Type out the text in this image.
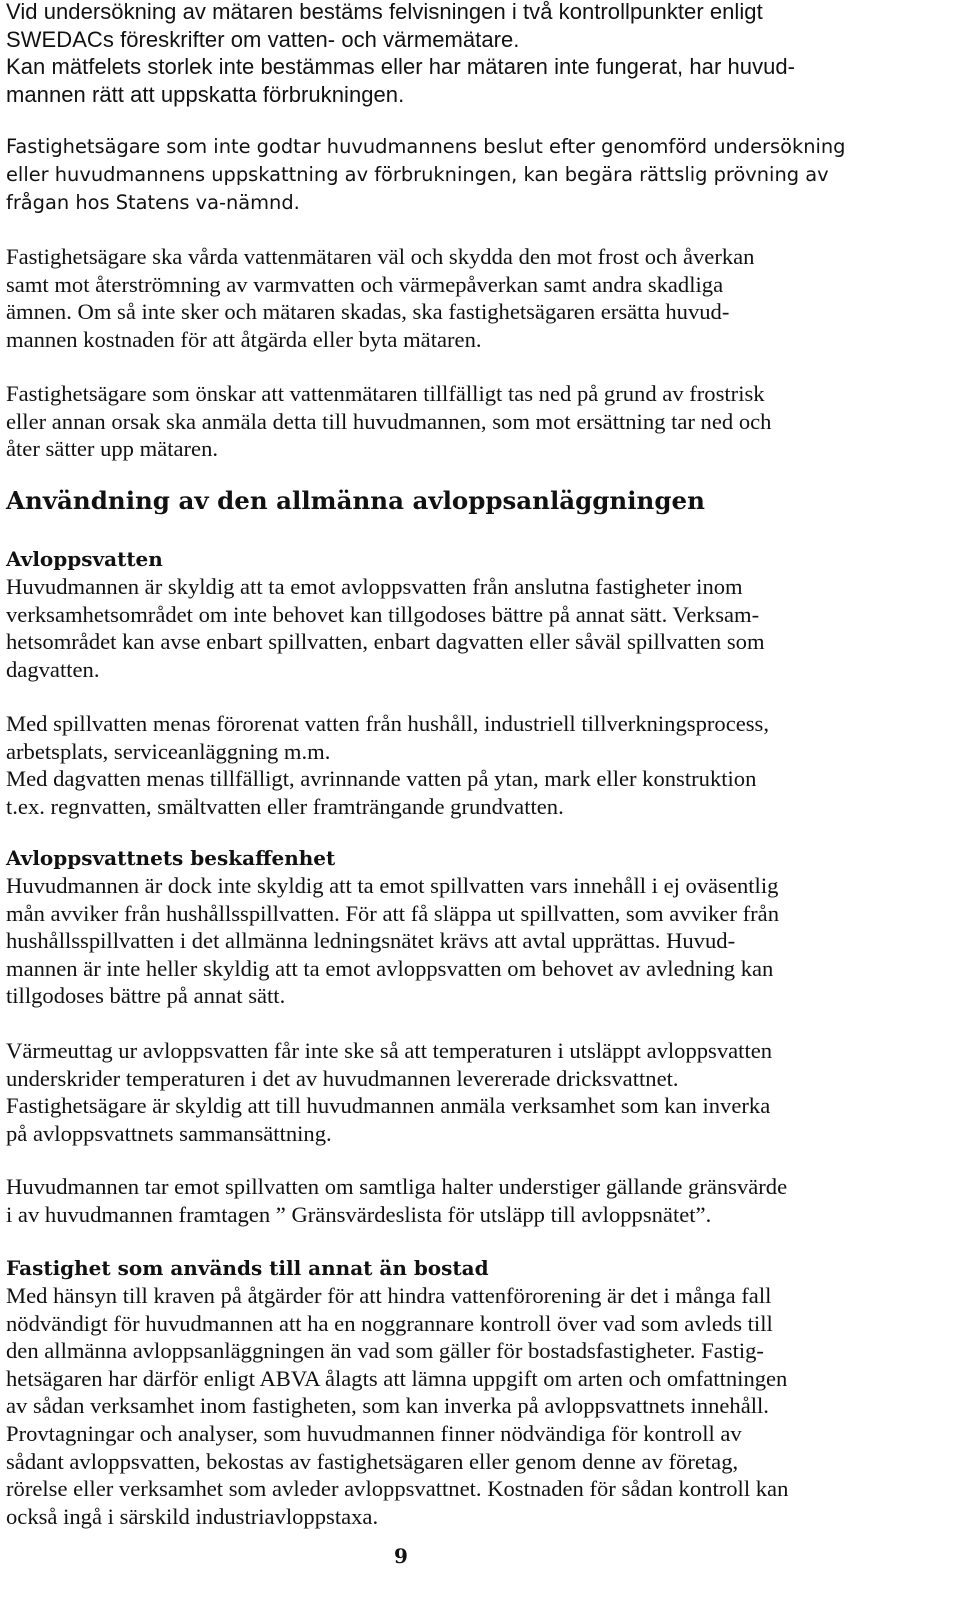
Vid undersökning av mätaren bestäms felvisningen i två kontrollpunkter enligt
SWEDACs föreskrifter om vatten- och värmemätare.
Kan mätfelets storlek inte bestämmas eller har mätaren inte fungerat, har huvud-
mannen rätt att uppskatta förbrukningen.
Fastighetsägare som inte godtar huvudmannens beslut efter genomförd undersökning
eller huvudmannens uppskattning av förbrukningen, kan begära rättslig prövning av
frågan hos Statens va-nämnd.
Fastighetsägare ska vårda vattenmätaren väl och skydda den mot frost och åverkan
samt mot återströmning av varmvatten och värmepåverkan samt andra skadliga
ämnen. Om så inte sker och mätaren skadas, ska fastighetsägaren ersätta huvud-
mannen kostnaden för att åtgärda eller byta mätaren.
Fastighetsägare som önskar att vattenmätaren tillfälligt tas ned på grund av frostrisk
eller annan orsak ska anmäla detta till huvudmannen, som mot ersättning tar ned och
åter sätter upp mätaren.
Användning av den allmänna avloppsanläggningen
Avloppsvatten
Huvudmannen är skyldig att ta emot avloppsvatten från anslutna fastigheter inom
verksamhetsområdet om inte behovet kan tillgodoses bättre på annat sätt. Verksam-
hetsområdet kan avse enbart spillvatten, enbart dagvatten eller såväl spillvatten som
dagvatten.
Med spillvatten menas förorenat vatten från hushåll, industriell tillverkningsprocess,
arbetsplats, serviceanläggning m.m.
Med dagvatten menas tillfälligt, avrinnande vatten på ytan, mark eller konstruktion
t.ex. regnvatten, smältvatten eller framträngande grundvatten.
Avloppsvattnets beskaffenhet
Huvudmannen är dock inte skyldig att ta emot spillvatten vars innehåll i ej oväsentlig
mån avviker från hushållsspillvatten. För att få släppa ut spillvatten, som avviker från
hushållsspillvatten i det allmänna ledningsnätet krävs att avtal upprättas. Huvud-
mannen är inte heller skyldig att ta emot avloppsvatten om behovet av avledning kan
tillgodoses bättre på annat sätt.
Värmeuttag ur avloppsvatten får inte ske så att temperaturen i utsläppt avloppsvatten
underskrider temperaturen i det av huvudmannen levererade dricksvattnet.
Fastighetsägare är skyldig att till huvudmannen anmäla verksamhet som kan inverka
på avloppsvattnets sammansättning.
Huvudmannen tar emot spillvatten om samtliga halter understiger gällande gränsvärde
i av huvudmannen framtagen ” Gränsvärdeslista för utsläpp till avloppsnätet”.
Fastighet som används till annat än bostad
Med hänsyn till kraven på åtgärder för att hindra vattenförorening är det i många fall
nödvändigt för huvudmannen att ha en noggrannare kontroll över vad som avleds till
den allmänna avloppsanläggningen än vad som gäller för bostadsfastigheter. Fastig-
hetsägaren har därför enligt ABVA ålagts att lämna uppgift om arten och omfattningen
av sådan verksamhet inom fastigheten, som kan inverka på avloppsvattnets innehåll.
Provtagningar och analyser, som huvudmannen finner nödvändiga för kontroll av
sådant avloppsvatten, bekostas av fastighetsägaren eller genom denne av företag,
rörelse eller verksamhet som avleder avloppsvattnet. Kostnaden för sådan kontroll kan
också ingå i särskild industriavloppstaxa.
9
